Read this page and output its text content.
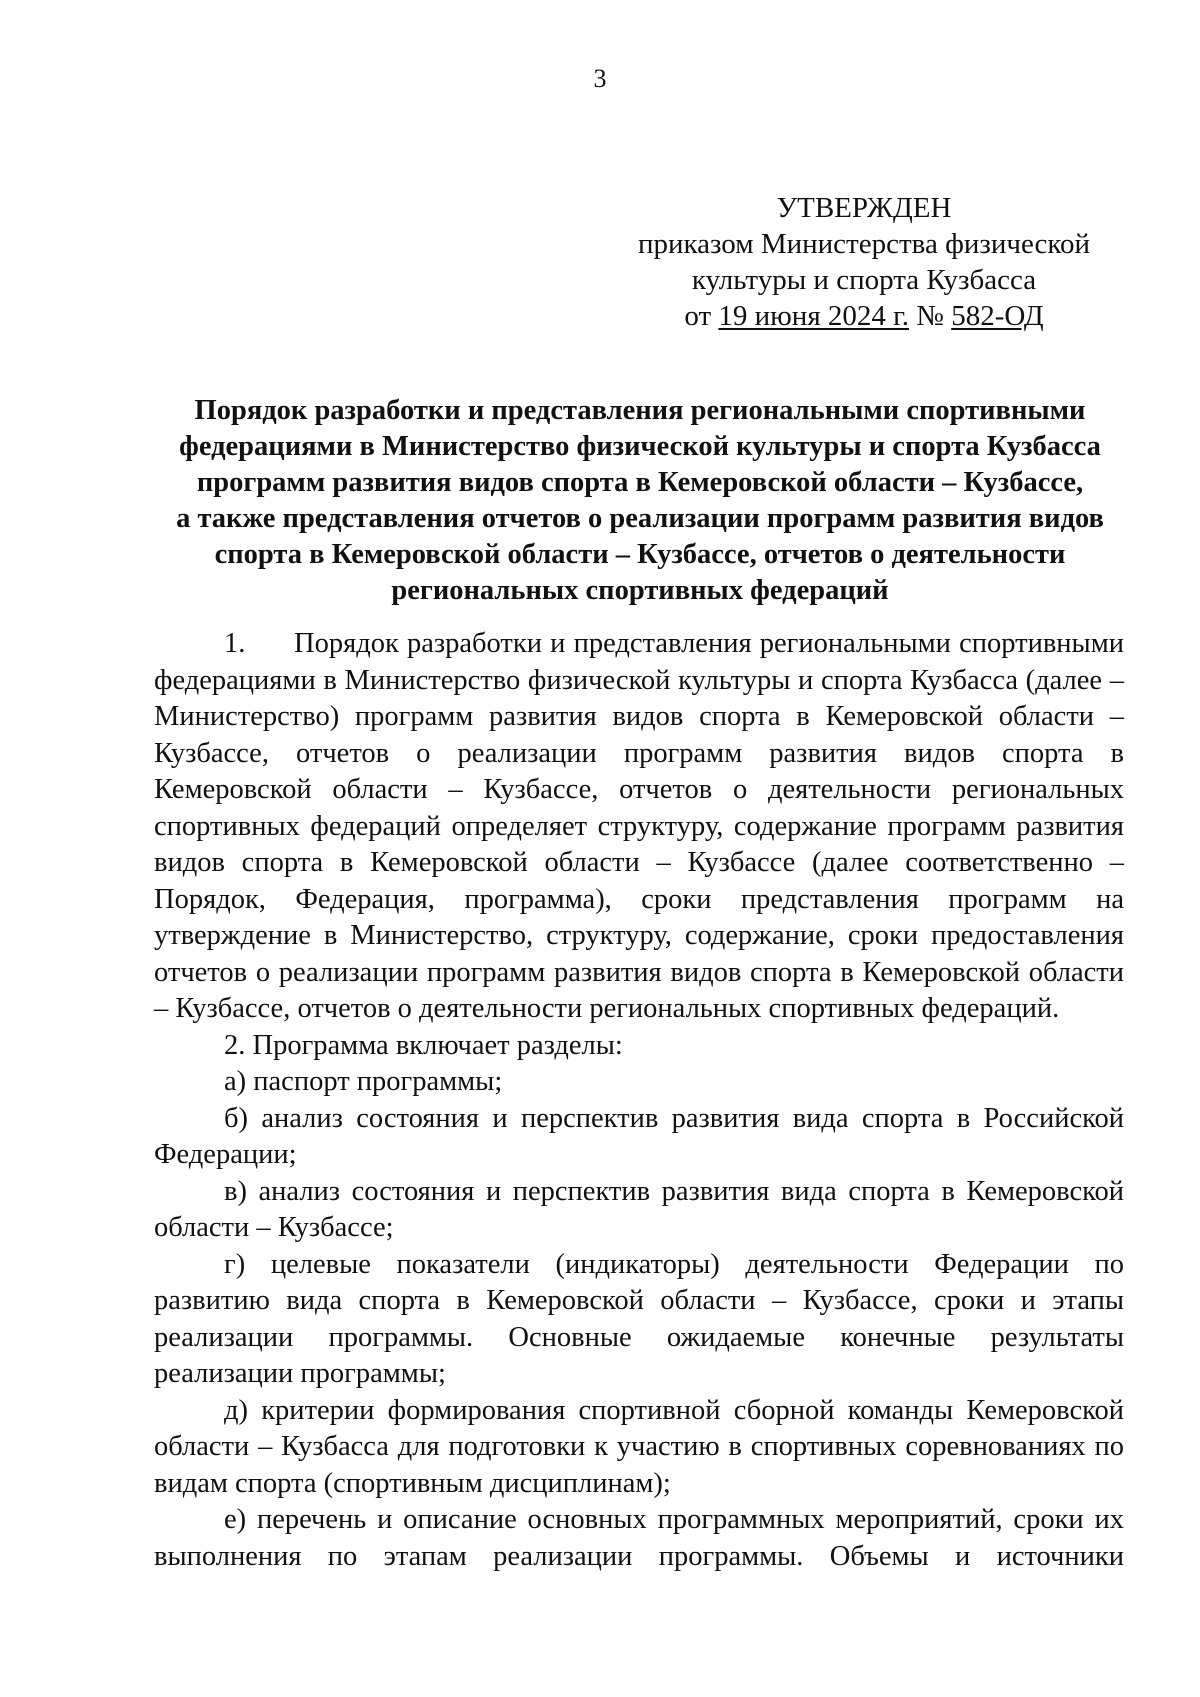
3
УТВЕРЖДЕН
приказом Министерства физической
культуры и спорта Кузбасса
от 19 июня 2024 г. № 582-ОД
Порядок разработки и представления региональными спортивными
федерациями в Министерство физической культуры и спорта Кузбасса
программ развития видов спорта в Кемеровской области – Кузбассе,
а также представления отчетов о реализации программ развития видов
спорта в Кемеровской области – Кузбассе, отчетов о деятельности
региональных спортивных федераций

1. Порядок разработки и представления региональными спортивными федерациями в Министерство физической культуры и спорта Кузбасса (далее – Министерство) программ развития видов спорта в Кемеровской области – Кузбассе, отчетов о реализации программ развития видов спорта в Кемеровской области – Кузбассе, отчетов о деятельности региональных спортивных федераций определяет структуру, содержание программ развития видов спорта в Кемеровской области – Кузбассе (далее соответственно – Порядок, Федерация, программа), сроки представления программ на утверждение в Министерство, структуру, содержание, сроки предоставления отчетов о реализации программ развития видов спорта в Кемеровской области – Кузбассе, отчетов о деятельности региональных спортивных федераций.

2. Программа включает разделы:

а) паспорт программы;

б) анализ состояния и перспектив развития вида спорта в Российской Федерации;

в) анализ состояния и перспектив развития вида спорта в Кемеровской области – Кузбассе;

г) целевые показатели (индикаторы) деятельности Федерации по развитию вида спорта в Кемеровской области – Кузбассе, сроки и этапы реализации программы. Основные ожидаемые конечные результаты реализации программы;

д) критерии формирования спортивной сборной команды Кемеровской области – Кузбасса для подготовки к участию в спортивных соревнованиях по видам спорта (спортивным дисциплинам);

е) перечень и описание основных программных мероприятий, сроки их выполнения по этапам реализации программы. Объемы и источники
